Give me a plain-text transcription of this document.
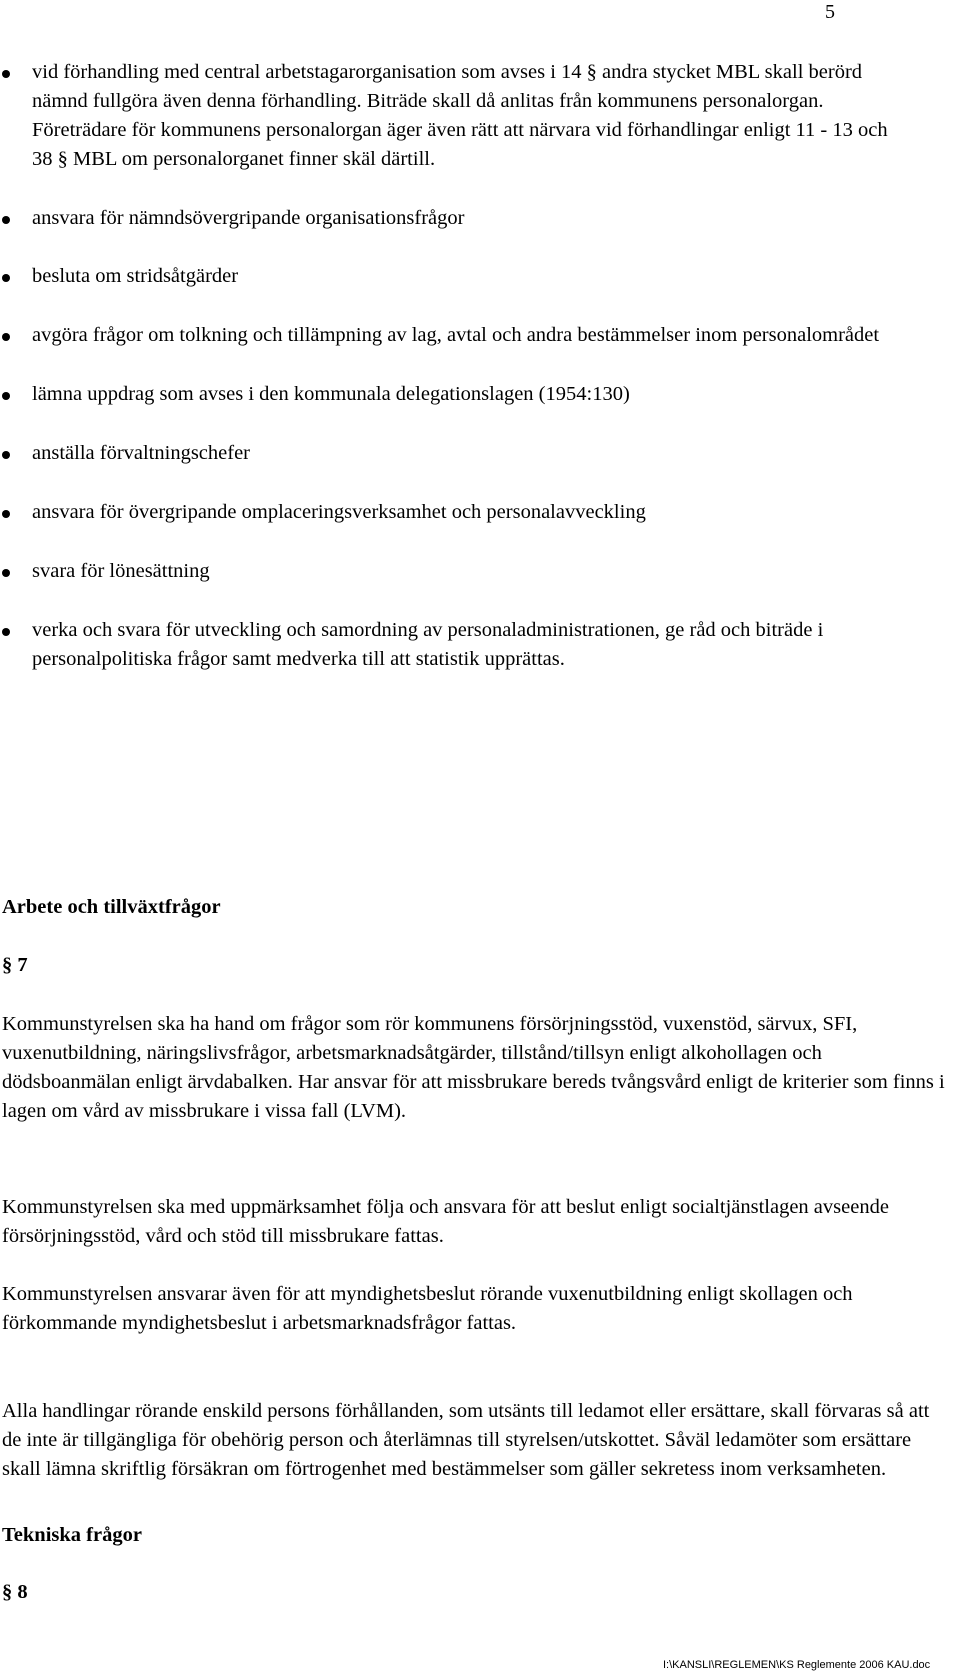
5
vid förhandling med central arbetstagarorganisation som avses i 14 § andra stycket MBL skall berörd nämnd fullgöra även denna förhandling. Biträde skall då anlitas från kommunens personalorgan. Företrädare för kommunens personalorgan äger även rätt att närvara vid förhandlingar enligt 11 - 13 och 38 § MBL om personalorganet finner skäl därtill.
ansvara för nämndsövergripande organisationsfrågor
besluta om stridsåtgärder
avgöra frågor om tolkning och tillämpning av lag, avtal och andra bestämmelser inom personalområdet
lämna uppdrag som avses i den kommunala delegationslagen (1954:130)
anställa förvaltningschefer
ansvara för övergripande omplaceringsverksamhet och personalavveckling
svara för lönesättning
verka och svara för utveckling och samordning av personaladministrationen, ge råd och biträde i personalpolitiska frågor samt medverka till att statistik upprättas.
Arbete och tillväxtfrågor
§ 7

Kommunstyrelsen ska ha hand om frågor som rör kommunens försörjningsstöd, vuxenstöd, särvux, SFI, vuxenutbildning, näringslivsfrågor, arbetsmarknadsåtgärder, tillstånd/tillsyn enligt alkohollagen och dödsboanmälan enligt ärvdabalken. Har ansvar för att missbrukare bereds tvångsvård enligt de kriterier som finns i lagen om vård av missbrukare i vissa fall (LVM).

Kommunstyrelsen ska med uppmärksamhet följa och ansvara för att beslut enligt socialtjänstlagen avseende försörjningsstöd, vård och stöd till missbrukare fattas.

Kommunstyrelsen ansvarar även för att myndighetsbeslut rörande vuxenutbildning enligt skollagen och förkommande myndighetsbeslut i arbetsmarknadsfrågor fattas.

Alla handlingar rörande enskild persons förhållanden, som utsänts till ledamot eller ersättare, skall förvaras så att de inte är tillgängliga för obehörig person och återlämnas till styrelsen/utskottet. Såväl ledamöter som ersättare skall lämna skriftlig försäkran om förtrogenhet med bestämmelser som gäller sekretess inom verksamheten.

Tekniska frågor
§ 8
I:\KANSLI\REGLEMEN\KS Reglemente 2006 KAU.doc
